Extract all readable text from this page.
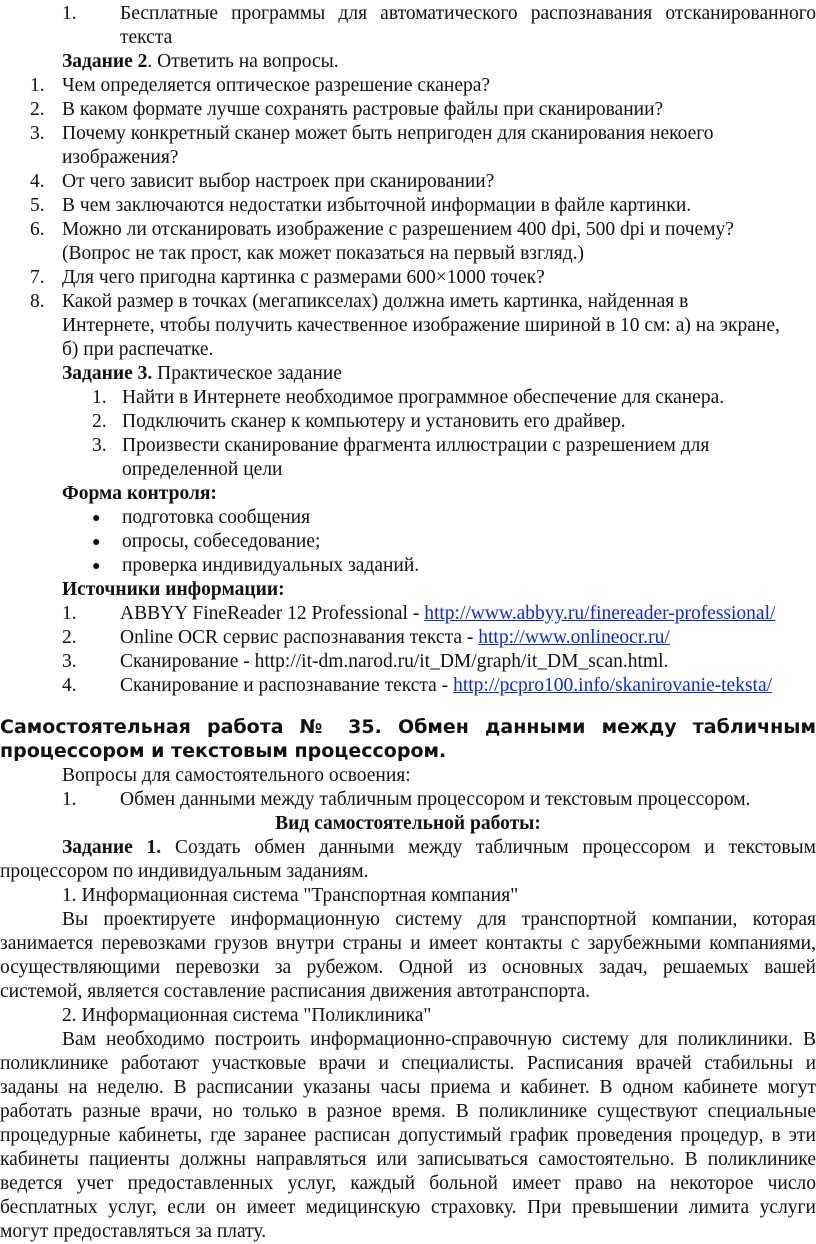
1. Бесплатные программы для автоматического распознавания отсканированного
текста
Задание 2. Ответить на вопросы.
1. Чем определяется оптическое разрешение сканера?
2. В каком формате лучше сохранять растровые файлы при сканировании?
3. Почему конкретный сканер может быть непригоден для сканирования некоего
изображения?
4. От чего зависит выбор настроек при сканировании?
5. В чем заключаются недостатки избыточной информации в файле картинки.
6. Можно ли отсканировать изображение с разрешением 400 dpi, 500 dpi и почему?
(Вопрос не так прост, как может показаться на первый взгляд.)
7. Для чего пригодна картинка с размерами 600×1000 точек?
8. Какой размер в точках (мегапикселах) должна иметь картинка, найденная в
Интернете, чтобы получить качественное изображение шириной в 10 см: а) на экране,
б) при распечатке.
Задание 3. Практическое задание
1. Найти в Интернете необходимое программное обеспечение для сканера.
2. Подключить сканер к компьютеру и установить его драйвер.
3. Произвести сканирование фрагмента иллюстрации с разрешением для
определенной цели
Форма контроля:
● подготовка сообщения
● опросы, собеседование;
● проверка индивидуальных заданий.
Источники информации:
1. ABBYY FineReader 12 Professional - http://www.abbyy.ru/finereader-professional/
2. Online OCR сервис распознавания текста - http://www.onlineocr.ru/
3. Сканирование - http://it-dm.narod.ru/it_DM/graph/it_DM_scan.html.
4. Сканирование и распознавание текста - http://pcpro100.info/skanirovanie-teksta/
Самостоятельная работа № 35. Обмен данными между табличным
процессором и текстовым процессором.
Вопросы для самостоятельного освоения:
1. Обмен данными между табличным процессором и текстовым процессором.
Вид самостоятельной работы:
Задание 1. Создать обмен данными между табличным процессором и текстовым
процессором по индивидуальным заданиям.
1. Информационная система "Транспортная компания"
Вы проектируете информационную систему для транспортной компании, которая
занимается перевозками грузов внутри страны и имеет контакты с зарубежными компаниями,
осуществляющими перевозки за рубежом. Одной из основных задач, решаемых вашей
системой, является составление расписания движения автотранспорта.
2. Информационная система "Поликлиника"
Вам необходимо построить информационно-справочную систему для поликлиники. В
поликлинике работают участковые врачи и специалисты. Расписания врачей стабильны и
заданы на неделю. В расписании указаны часы приема и кабинет. В одном кабинете могут
работать разные врачи, но только в разное время. В поликлинике существуют специальные
процедурные кабинеты, где заранее расписан допустимый график проведения процедур, в эти
кабинеты пациенты должны направляться или записываться самостоятельно. В поликлинике
ведется учет предоставленных услуг, каждый больной имеет право на некоторое число
бесплатных услуг, если он имеет медицинскую страховку. При превышении лимита услуги
могут предоставляться за плату.
